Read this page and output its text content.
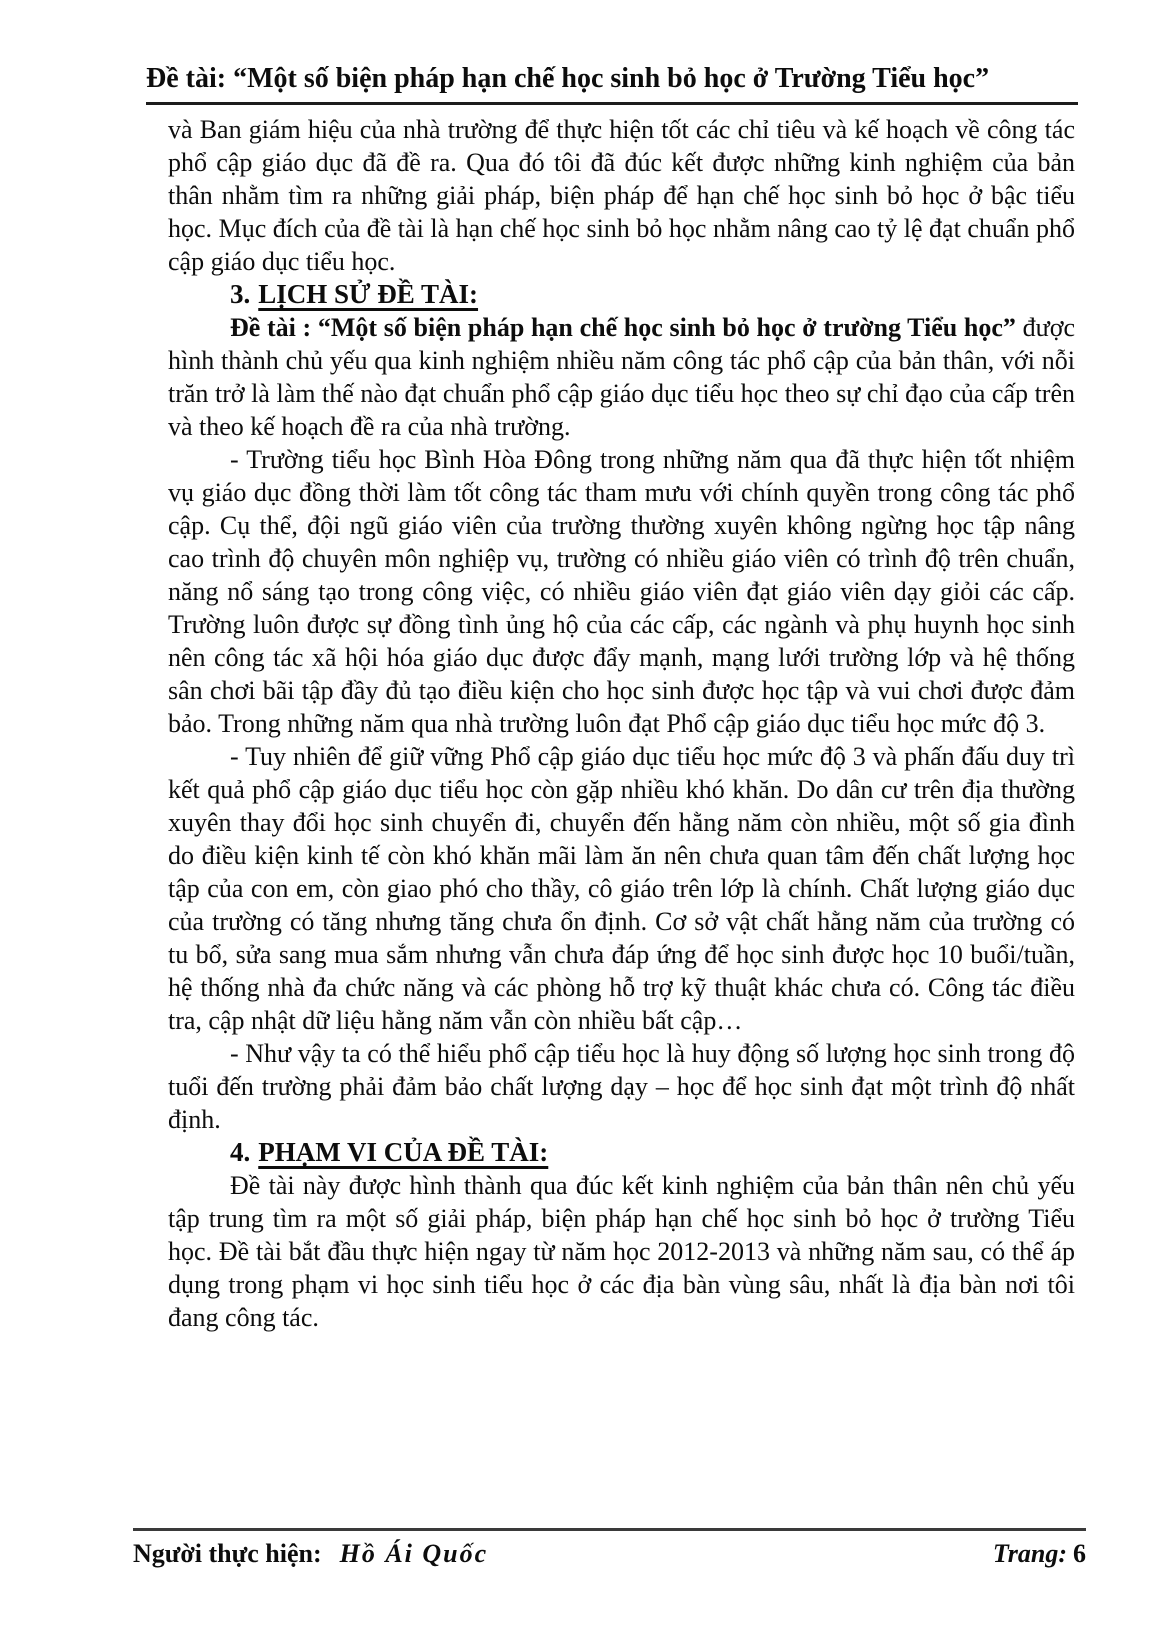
Đề tài: “Một số biện pháp hạn chế học sinh bỏ học ở Trường Tiểu học”

và Ban giám hiệu của nhà trường để thực hiện tốt các chỉ tiêu và kế hoạch về công tác phổ cập giáo dục đã đề ra. Qua đó tôi đã đúc kết được những kinh nghiệm của bản thân nhằm tìm ra những giải pháp, biện pháp để hạn chế học sinh bỏ học ở bậc tiểu học. Mục đích của đề tài là hạn chế học sinh bỏ học nhằm nâng cao tỷ lệ đạt chuẩn phổ cập giáo dục tiểu học.

3. LỊCH SỬ ĐỀ TÀI:

Đề tài : “Một số biện pháp hạn chế học sinh bỏ học ở trường Tiểu học” được hình thành chủ yếu qua kinh nghiệm nhiều năm công tác phổ cập của bản thân, với nỗi trăn trở là làm thế nào đạt chuẩn phổ cập giáo dục tiểu học theo sự chỉ đạo của cấp trên và theo kế hoạch đề ra của nhà trường.

- Trường tiểu học Bình Hòa Đông trong những năm qua đã thực hiện tốt nhiệm vụ giáo dục đồng thời làm tốt công tác tham mưu với chính quyền trong công tác phổ cập. Cụ thể, đội ngũ giáo viên của trường thường xuyên không ngừng học tập nâng cao trình độ chuyên môn nghiệp vụ, trường có nhiều giáo viên có trình độ trên chuẩn, năng nổ sáng tạo trong công việc, có nhiều giáo viên đạt giáo viên dạy giỏi các cấp. Trường luôn được sự đồng tình ủng hộ của các cấp, các ngành và phụ huynh học sinh nên công tác xã hội hóa giáo dục được đẩy mạnh, mạng lưới trường lớp và hệ thống sân chơi bãi tập đầy đủ tạo điều kiện cho học sinh được học tập và vui chơi được đảm bảo. Trong những năm qua nhà trường luôn đạt Phổ cập giáo dục tiểu học mức độ 3.

- Tuy nhiên để giữ vững Phổ cập giáo dục tiểu học mức độ 3 và phấn đấu duy trì kết quả phổ cập giáo dục tiểu học còn gặp nhiều khó khăn. Do dân cư trên địa thường xuyên thay đổi học sinh chuyển đi, chuyển đến hằng năm còn nhiều, một số gia đình do điều kiện kinh tế còn khó khăn mãi làm ăn nên chưa quan tâm đến chất lượng học tập của con em, còn giao phó cho thầy, cô giáo trên lớp là chính. Chất lượng giáo dục của trường có tăng nhưng tăng chưa ổn định. Cơ sở vật chất hằng năm của trường có tu bổ, sửa sang mua sắm nhưng vẫn chưa đáp ứng để học sinh được học 10 buổi/tuần, hệ thống nhà đa chức năng và các phòng hỗ trợ kỹ thuật khác chưa có. Công tác điều tra, cập nhật dữ liệu hằng năm vẫn còn nhiều bất cập…

- Như vậy ta có thể hiểu phổ cập tiểu học là huy động số lượng học sinh trong độ tuổi đến trường phải đảm bảo chất lượng dạy – học để học sinh đạt một trình độ nhất định.

4. PHẠM VI CỦA ĐỀ TÀI:

Đề tài này được hình thành qua đúc kết kinh nghiệm của bản thân nên chủ yếu tập trung tìm ra một số giải pháp, biện pháp hạn chế học sinh bỏ học ở trường Tiểu học. Đề tài bắt đầu thực hiện ngay từ năm học 2012-2013 và những năm sau, có thể áp dụng trong phạm vi học sinh tiểu học ở các địa bàn vùng sâu, nhất là địa bàn nơi tôi đang công tác.

Người thực hiện: Hồ Ái Quốc	Trang: 6
